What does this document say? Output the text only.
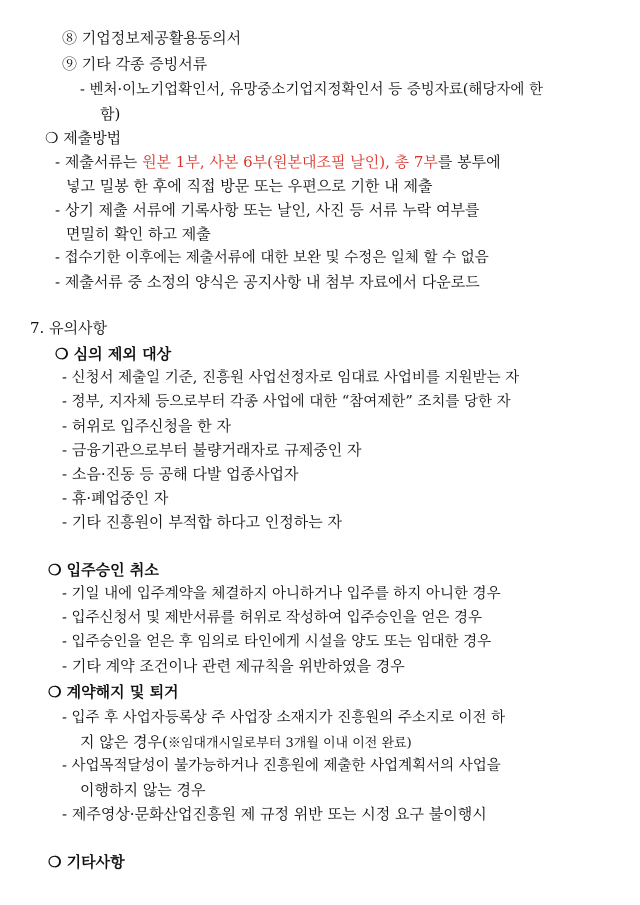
⑧ 기업정보제공활용동의서
⑨ 기타 각종 증빙서류
- 벤처·이노기업확인서, 유망중소기업지정확인서 등 증빙자료(해당자에 한
함)
❍ 제출방법
- 제출서류는 원본 1부, 사본 6부(원본대조필 날인), 총 7부를 봉투에
넣고 밀봉 한 후에 직접 방문 또는 우편으로 기한 내 제출
- 상기 제출 서류에 기록사항 또는 날인, 사진 등 서류 누락 여부를
면밀히 확인 하고 제출
- 접수기한 이후에는 제출서류에 대한 보완 및 수정은 일체 할 수 없음
- 제출서류 중 소정의 양식은 공지사항 내 첨부 자료에서 다운로드
7. 유의사항
❍ 심의 제외 대상
- 신청서 제출일 기준, 진흥원 사업선정자로 임대료 사업비를 지원받는 자
- 정부, 지자체 등으로부터 각종 사업에 대한 “참여제한” 조치를 당한 자
- 허위로 입주신청을 한 자
- 금융기관으로부터 불량거래자로 규제중인 자
- 소음·진동 등 공해 다발 업종사업자
- 휴·폐업중인 자
- 기타 진흥원이 부적합 하다고 인정하는 자
❍ 입주승인 취소
- 기일 내에 입주계약을 체결하지 아니하거나 입주를 하지 아니한 경우
- 입주신청서 및 제반서류를 허위로 작성하여 입주승인을 얻은 경우
- 입주승인을 얻은 후 임의로 타인에게 시설을 양도 또는 임대한 경우
- 기타 계약 조건이나 관련 제규칙을 위반하였을 경우
❍ 계약해지 및 퇴거
- 입주 후 사업자등록상 주 사업장 소재지가 진흥원의 주소지로 이전 하
지 않은 경우(※임대개시일로부터 3개월 이내 이전 완료)
- 사업목적달성이 불가능하거나 진흥원에 제출한 사업계획서의 사업을
이행하지 않는 경우
- 제주영상·문화산업진흥원 제 규정 위반 또는 시정 요구 불이행시
❍ 기타사항
